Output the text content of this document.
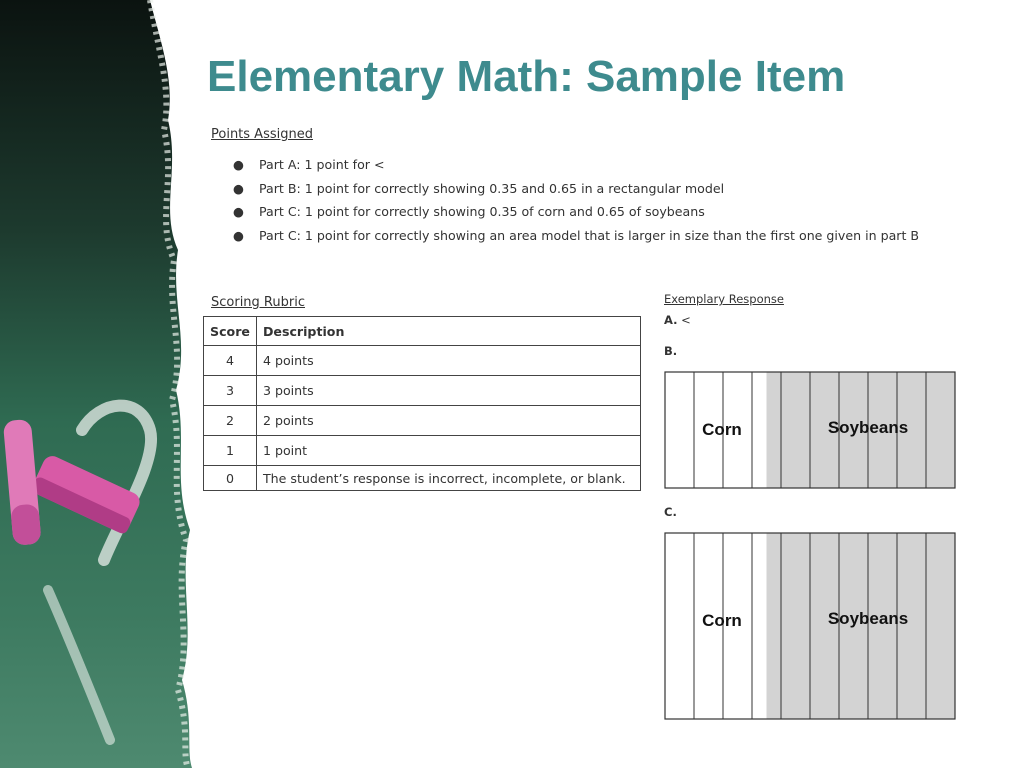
Elementary Math: Sample Item
Points Assigned
● Part A: 1 point for <
● Part B: 1 point for correctly showing 0.35 and 0.65 in a rectangular model
● Part C: 1 point for correctly showing 0.35 of corn and 0.65 of soybeans
● Part C: 1 point for correctly showing an area model that is larger in size than the first one given in part B
Scoring Rubric
Score	Description
4	4 points
3	3 points
2	2 points
1	1 point
0	The student’s response is incorrect, incomplete, or blank.
Exemplary Response
A. <
B.
C.
Corn	Soybeans
Corn	Soybeans
